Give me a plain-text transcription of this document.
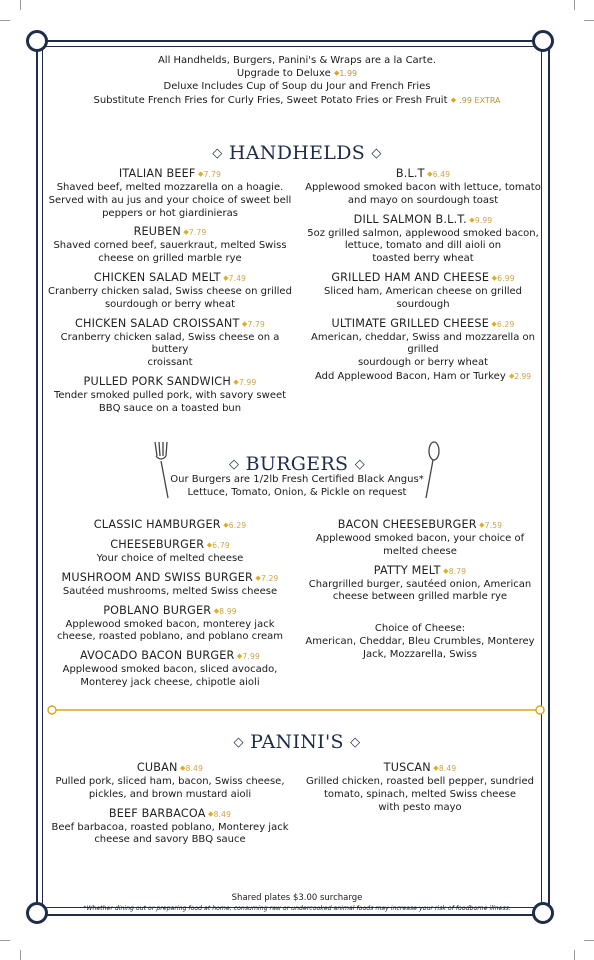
All Handhelds, Burgers, Panini's & Wraps are a la Carte.
Upgrade to Deluxe ◆1.99
Deluxe Includes Cup of Soup du Jour and French Fries
Substitute French Fries for Curly Fries, Sweet Potato Fries or Fresh Fruit ◆ .99 EXTRA
◇ HANDHELDS ◇
ITALIAN BEEF ◆7.79
Shaved beef, melted mozzarella on a hoagie.
Served with au jus and your choice of sweet bell
peppers or hot giardinieras
REUBEN ◆7.79
Shaved corned beef, sauerkraut, melted Swiss
cheese on grilled marble rye
CHICKEN SALAD MELT ◆7.49
Cranberry chicken salad, Swiss cheese on grilled
sourdough or berry wheat
CHICKEN SALAD CROISSANT ◆7.79
Cranberry chicken salad, Swiss cheese on a buttery
croissant
PULLED PORK SANDWICH ◆7.99
Tender smoked pulled pork, with savory sweet
BBQ sauce on a toasted bun
B.L.T ◆6.49
Applewood smoked bacon with lettuce, tomato
and mayo on sourdough toast
DILL SALMON B.L.T. ◆9.99
5oz grilled salmon, applewood smoked bacon,
lettuce, tomato and dill aioli on
toasted berry wheat
GRILLED HAM AND CHEESE ◆6.99
Sliced ham, American cheese on grilled sourdough
ULTIMATE GRILLED CHEESE ◆6.29
American, cheddar, Swiss and mozzarella on grilled
sourdough or berry wheat
Add Applewood Bacon, Ham or Turkey ◆2.99
◇ BURGERS ◇
Our Burgers are 1/2lb Fresh Certified Black Angus*
Lettuce, Tomato, Onion, & Pickle on request
CLASSIC HAMBURGER ◆6.29
CHEESEBURGER ◆6.79
Your choice of melted cheese
MUSHROOM AND SWISS BURGER ◆7.29
Sautéed mushrooms, melted Swiss cheese
POBLANO BURGER ◆8.99
Applewood smoked bacon, monterey jack
cheese, roasted poblano, and poblano cream
AVOCADO BACON BURGER ◆7.99
Applewood smoked bacon, sliced avocado,
Monterey jack cheese, chipotle aioli
BACON CHEESEBURGER ◆7.59
Applewood smoked bacon, your choice of
melted cheese
PATTY MELT ◆8.79
Chargrilled burger, sautéed onion, American
cheese between grilled marble rye
Choice of Cheese:
American, Cheddar, Bleu Crumbles, Monterey
Jack, Mozzarella, Swiss
◇ PANINI'S ◇
CUBAN ◆8.49
Pulled pork, sliced ham, bacon, Swiss cheese,
pickles, and brown mustard aioli
BEEF BARBACOA ◆8.49
Beef barbacoa, roasted poblano, Monterey jack
cheese and savory BBQ sauce
TUSCAN ◆8.49
Grilled chicken, roasted bell pepper, sundried
tomato, spinach, melted Swiss cheese
with pesto mayo
Shared plates $3.00 surcharge
*Whether dining out or preparing food at home, consuming raw or undercooked animal foods may increase your risk of foodborne illness.
